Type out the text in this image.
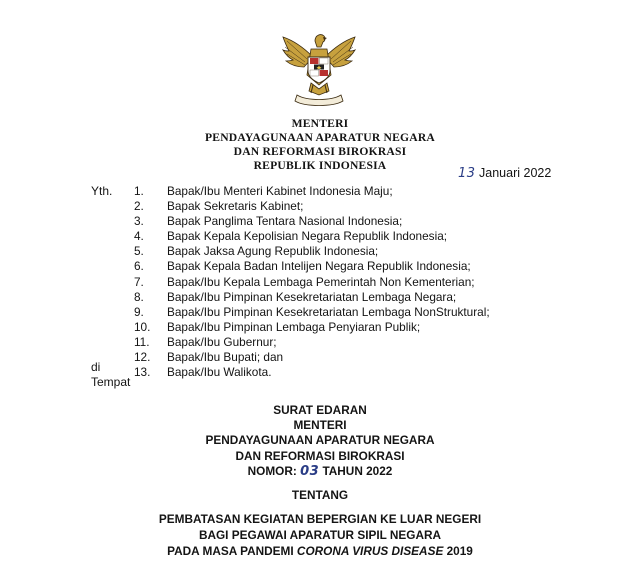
MENTERI
PENDAYAGUNAAN APARATUR NEGARA
DAN REFORMASI BIROKRASI
REPUBLIK INDONESIA
13 Januari 2022
Yth. 1. Bapak/Ibu Menteri Kabinet Indonesia Maju;
2. Bapak Sekretaris Kabinet;
3. Bapak Panglima Tentara Nasional Indonesia;
4. Bapak Kepala Kepolisian Negara Republik Indonesia;
5. Bapak Jaksa Agung Republik Indonesia;
6. Bapak Kepala Badan Intelijen Negara Republik Indonesia;
7. Bapak/Ibu Kepala Lembaga Pemerintah Non Kementerian;
8. Bapak/Ibu Pimpinan Kesekretariatan Lembaga Negara;
9. Bapak/Ibu Pimpinan Kesekretariatan Lembaga NonStruktural;
10. Bapak/Ibu Pimpinan Lembaga Penyiaran Publik;
11. Bapak/Ibu Gubernur;
12. Bapak/Ibu Bupati; dan
13. Bapak/Ibu Walikota.
di
Tempat
SURAT EDARAN
MENTERI
PENDAYAGUNAAN APARATUR NEGARA
DAN REFORMASI BIROKRASI
NOMOR: 03 TAHUN 2022
TENTANG
PEMBATASAN KEGIATAN BEPERGIAN KE LUAR NEGERI
BAGI PEGAWAI APARATUR SIPIL NEGARA
PADA MASA PANDEMI CORONA VIRUS DISEASE 2019
